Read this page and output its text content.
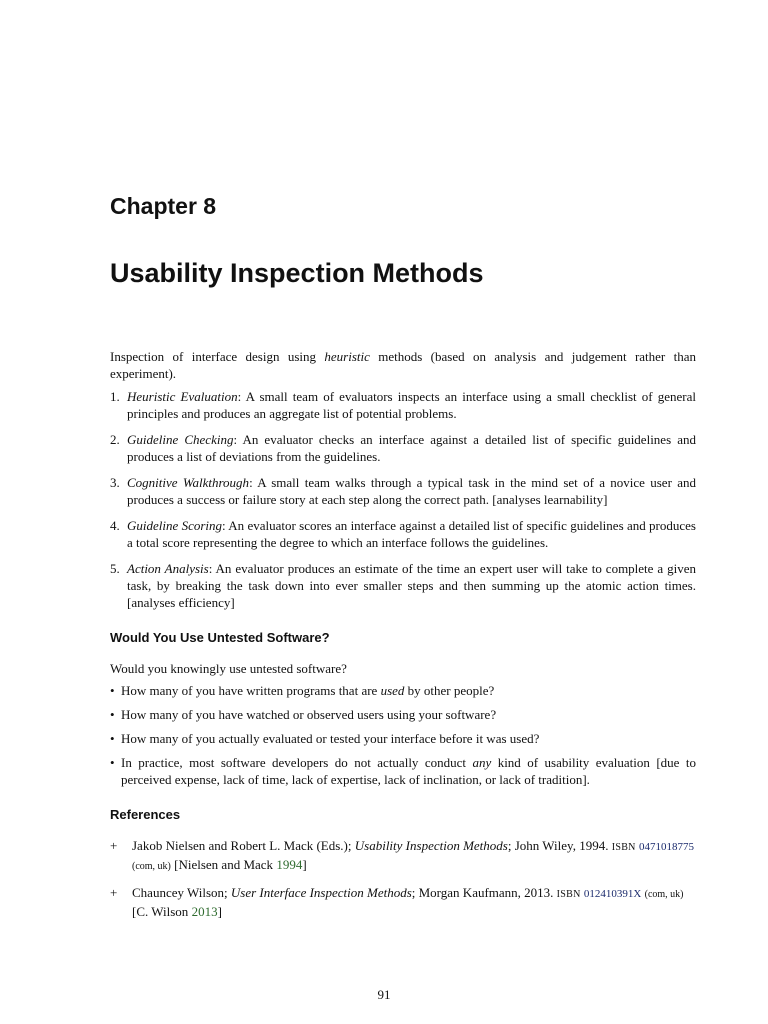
Chapter 8
Usability Inspection Methods

Inspection of interface design using heuristic methods (based on analysis and judgement rather than experiment).

1. Heuristic Evaluation: A small team of evaluators inspects an interface using a small checklist of general principles and produces an aggregate list of potential problems.
2. Guideline Checking: An evaluator checks an interface against a detailed list of specific guidelines and produces a list of deviations from the guidelines.
3. Cognitive Walkthrough: A small team walks through a typical task in the mind set of a novice user and produces a success or failure story at each step along the correct path. [analyses learnability]
4. Guideline Scoring: An evaluator scores an interface against a detailed list of specific guidelines and produces a total score representing the degree to which an interface follows the guidelines.
5. Action Analysis: An evaluator produces an estimate of the time an expert user will take to complete a given task, by breaking the task down into ever smaller steps and then summing up the atomic action times. [analyses efficiency]
Would You Use Untested Software?

Would you knowingly use untested software?

• How many of you have written programs that are used by other people?
• How many of you have watched or observed users using your software?
• How many of you actually evaluated or tested your interface before it was used?
• In practice, most software developers do not actually conduct any kind of usability evaluation [due to perceived expense, lack of time, lack of expertise, lack of inclination, or lack of tradition].
References
+ Jakob Nielsen and Robert L. Mack (Eds.); Usability Inspection Methods; John Wiley, 1994. ISBN 0471018775 (com, uk) [Nielsen and Mack 1994]
+ Chauncey Wilson; User Interface Inspection Methods; Morgan Kaufmann, 2013. ISBN 012410391X (com, uk) [C. Wilson 2013]
91
